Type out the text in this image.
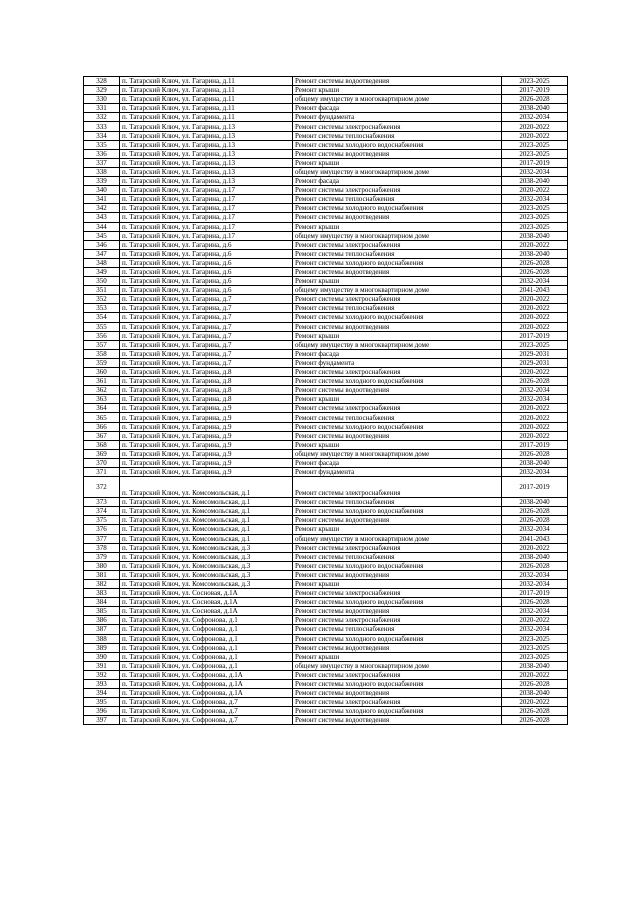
328	п. Татарский Ключ, ул. Гагарина, д.11	Ремонт системы водоотведения	2023-2025
329	п. Татарский Ключ, ул. Гагарина, д.11	Ремонт крыши	2017-2019
330	п. Татарский Ключ, ул. Гагарина, д.11	общему имуществу в многоквартирном доме	2026-2028
331	п. Татарский Ключ, ул. Гагарина, д.11	Ремонт фасада	2038-2040
332	п. Татарский Ключ, ул. Гагарина, д.11	Ремонт фундамента	2032-2034
333	п. Татарский Ключ, ул. Гагарина, д.13	Ремонт системы электроснабжения	2020-2022
334	п. Татарский Ключ, ул. Гагарина, д.13	Ремонт системы теплоснабжения	2020-2022
335	п. Татарский Ключ, ул. Гагарина, д.13	Ремонт системы холодного водоснабжения	2023-2025
336	п. Татарский Ключ, ул. Гагарина, д.13	Ремонт системы водоотведения	2023-2025
337	п. Татарский Ключ, ул. Гагарина, д.13	Ремонт крыши	2017-2019
338	п. Татарский Ключ, ул. Гагарина, д.13	общему имуществу в многоквартирном доме	2032-2034
339	п. Татарский Ключ, ул. Гагарина, д.13	Ремонт фасада	2038-2040
340	п. Татарский Ключ, ул. Гагарина, д.17	Ремонт системы электроснабжения	2020-2022
341	п. Татарский Ключ, ул. Гагарина, д.17	Ремонт системы теплоснабжения	2032-2034
342	п. Татарский Ключ, ул. Гагарина, д.17	Ремонт системы холодного водоснабжения	2023-2025
343	п. Татарский Ключ, ул. Гагарина, д.17	Ремонт системы водоотведения	2023-2025
344	п. Татарский Ключ, ул. Гагарина, д.17	Ремонт крыши	2023-2025
345	п. Татарский Ключ, ул. Гагарина, д.17	общему имуществу в многоквартирном доме	2038-2040
346	п. Татарский Ключ, ул. Гагарина, д.6	Ремонт системы электроснабжения	2020-2022
347	п. Татарский Ключ, ул. Гагарина, д.6	Ремонт системы теплоснабжения	2038-2040
348	п. Татарский Ключ, ул. Гагарина, д.6	Ремонт системы холодного водоснабжения	2026-2028
349	п. Татарский Ключ, ул. Гагарина, д.6	Ремонт системы водоотведения	2026-2028
350	п. Татарский Ключ, ул. Гагарина, д.6	Ремонт крыши	2032-2034
351	п. Татарский Ключ, ул. Гагарина, д.6	общему имуществу в многоквартирном доме	2041-2043
352	п. Татарский Ключ, ул. Гагарина, д.7	Ремонт системы электроснабжения	2020-2022
353	п. Татарский Ключ, ул. Гагарина, д.7	Ремонт системы теплоснабжения	2020-2022
354	п. Татарский Ключ, ул. Гагарина, д.7	Ремонт системы холодного водоснабжения	2020-2022
355	п. Татарский Ключ, ул. Гагарина, д.7	Ремонт системы водоотведения	2020-2022
356	п. Татарский Ключ, ул. Гагарина, д.7	Ремонт крыши	2017-2019
357	п. Татарский Ключ, ул. Гагарина, д.7	общему имуществу в многоквартирном доме	2023-2025
358	п. Татарский Ключ, ул. Гагарина, д.7	Ремонт фасада	2029-2031
359	п. Татарский Ключ, ул. Гагарина, д.7	Ремонт фундамента	2029-2031
360	п. Татарский Ключ, ул. Гагарина, д.8	Ремонт системы электроснабжения	2020-2022
361	п. Татарский Ключ, ул. Гагарина, д.8	Ремонт системы холодного водоснабжения	2026-2028
362	п. Татарский Ключ, ул. Гагарина, д.8	Ремонт системы водоотведения	2032-2034
363	п. Татарский Ключ, ул. Гагарина, д.8	Ремонт крыши	2032-2034
364	п. Татарский Ключ, ул. Гагарина, д.9	Ремонт системы электроснабжения	2020-2022
365	п. Татарский Ключ, ул. Гагарина, д.9	Ремонт системы теплоснабжения	2020-2022
366	п. Татарский Ключ, ул. Гагарина, д.9	Ремонт системы холодного водоснабжения	2020-2022
367	п. Татарский Ключ, ул. Гагарина, д.9	Ремонт системы водоотведения	2020-2022
368	п. Татарский Ключ, ул. Гагарина, д.9	Ремонт крыши	2017-2019
369	п. Татарский Ключ, ул. Гагарина, д.9	общему имуществу в многоквартирном доме	2026-2028
370	п. Татарский Ключ, ул. Гагарина, д.9	Ремонт фасада	2038-2040
371	п. Татарский Ключ, ул. Гагарина, д.9	Ремонт фундамента	2032-2034
372	п. Татарский Ключ, ул. Комсомольская, д.1	Ремонт системы электроснабжения	2017-2019
373	п. Татарский Ключ, ул. Комсомольская, д.1	Ремонт системы теплоснабжения	2038-2040
374	п. Татарский Ключ, ул. Комсомольская, д.1	Ремонт системы холодного водоснабжения	2026-2028
375	п. Татарский Ключ, ул. Комсомольская, д.1	Ремонт системы водоотведения	2026-2028
376	п. Татарский Ключ, ул. Комсомольская, д.1	Ремонт крыши	2032-2034
377	п. Татарский Ключ, ул. Комсомольская, д.1	общему имуществу в многоквартирном доме	2041-2043
378	п. Татарский Ключ, ул. Комсомольская, д.3	Ремонт системы электроснабжения	2020-2022
379	п. Татарский Ключ, ул. Комсомольская, д.3	Ремонт системы теплоснабжения	2038-2040
380	п. Татарский Ключ, ул. Комсомольская, д.3	Ремонт системы холодного водоснабжения	2026-2028
381	п. Татарский Ключ, ул. Комсомольская, д.3	Ремонт системы водоотведения	2032-2034
382	п. Татарский Ключ, ул. Комсомольская, д.3	Ремонт крыши	2032-2034
383	п. Татарский Ключ, ул. Сосновая, д.1А	Ремонт системы электроснабжения	2017-2019
384	п. Татарский Ключ, ул. Сосновая, д.1А	Ремонт системы холодного водоснабжения	2026-2028
385	п. Татарский Ключ, ул. Сосновая, д.1А	Ремонт системы водоотведения	2032-2034
386	п. Татарский Ключ, ул. Софронова, д.1	Ремонт системы электроснабжения	2020-2022
387	п. Татарский Ключ, ул. Софронова, д.1	Ремонт системы теплоснабжения	2032-2034
388	п. Татарский Ключ, ул. Софронова, д.1	Ремонт системы холодного водоснабжения	2023-2025
389	п. Татарский Ключ, ул. Софронова, д.1	Ремонт системы водоотведения	2023-2025
390	п. Татарский Ключ, ул. Софронова, д.1	Ремонт крыши	2023-2025
391	п. Татарский Ключ, ул. Софронова, д.1	общему имуществу в многоквартирном доме	2038-2040
392	п. Татарский Ключ, ул. Софронова, д.1А	Ремонт системы электроснабжения	2020-2022
393	п. Татарский Ключ, ул. Софронова, д.1А	Ремонт системы холодного водоснабжения	2026-2028
394	п. Татарский Ключ, ул. Софронова, д.1А	Ремонт системы водоотведения	2038-2040
395	п. Татарский Ключ, ул. Софронова, д.7	Ремонт системы электроснабжения	2020-2022
396	п. Татарский Ключ, ул. Софронова, д.7	Ремонт системы холодного водоснабжения	2026-2028
397	п. Татарский Ключ, ул. Софронова, д.7	Ремонт системы водоотведения	2026-2028
